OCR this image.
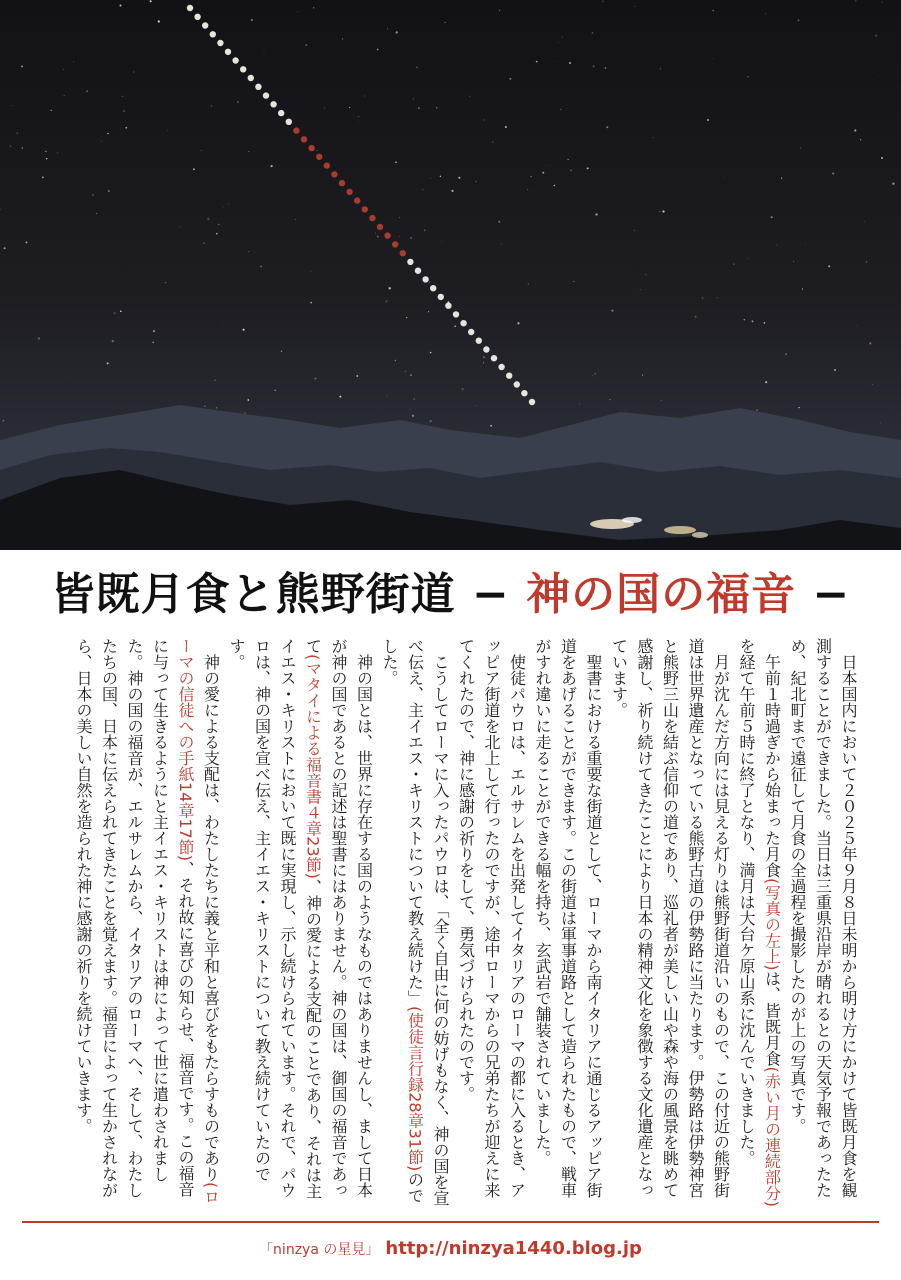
皆既月食と熊野街道 − 神の国の福音 −

日本国内において２０２５年９月８日未明から明け方にかけて皆既月食を観測することができました。当日は三重県沿岸が晴れるとの天気予報であったため、紀北町まで遠征して月食の全過程を撮影したのが上の写真です。

午前１時過ぎから始まった月食(写真の左上)は、皆既月食(赤い月の連続部分)を経て午前５時に終了となり、満月は大台ケ原山系に沈んでいきました。

月が沈んだ方向には見える灯りは熊野街道沿いのもので、この付近の熊野街道は世界遺産となっている熊野古道の伊勢路に当たります。伊勢路は伊勢神宮と熊野三山を結ぶ信仰の道であり、巡礼者が美しい山や森や海の風景を眺めて感謝し、祈り続けてきたことにより日本の精神文化を象徴する文化遺産となっています。

聖書における重要な街道として、ローマから南イタリアに通じるアッピア街道をあげることができます。この街道は軍事道路として造られたもので、戦車がすれ違いに走ることができる幅を持ち、玄武岩で舗装されていました。

使徒パウロは、エルサレムを出発してイタリアのローマの都に入るとき、アッピア街道を北上して行ったのですが、途中ローマからの兄弟たちが迎えに来てくれたので、神に感謝の祈りをして、勇気づけられたのです。

こうしてローマに入ったパウロは、「全く自由に何の妨げもなく、神の国を宣べ伝え、主イエス・キリストについて教え続けた」(使徒言行録28章31節)のでした。

神の国とは、世界に存在する国のようなものではありませんし、まして日本が神の国であるとの記述は聖書にはありません。神の国は、御国の福音であって(マタイによる福音書４章23節)、神の愛による支配のことであり、それは主イエス・キリストにおいて既に実現し、示し続けられています。それで、パウロは、神の国を宣べ伝え、主イエス・キリストについて教え続けていたのです。

神の愛による支配は、わたしたちに義と平和と喜びをもたらすものであり(ローマの信徒への手紙14章17節)、それ故に喜びの知らせ、福音です。この福音に与って生きるようにと主イエス・キリストは神によって世に遣わされました。神の国の福音が、エルサレムから、イタリアのローマへ、そして、わたしたちの国、日本に伝えられてきたことを覚えます。福音によって生かされながら、日本の美しい自然を造られた神に感謝の祈りを続けていきます。

「ninzya の星見」 http://ninzya1440.blog.jp
